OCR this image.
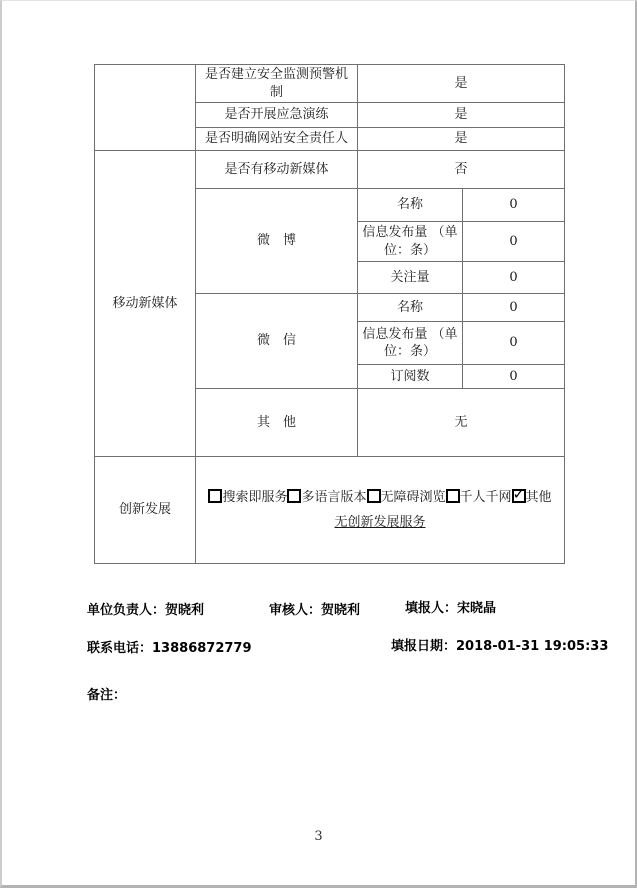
	是否建立安全监测预警机制	是	
	是否开展应急演练	是	
	是否明确网站安全责任人	是	
移动新媒体	是否有移动新媒体	否	
	微　博	名称	0
		信息发布量 （单位：条）	0
		关注量	0
	微　信	名称	0
		信息发布量 （单位：条）	0
		订阅数	0
	其　他	无	
创新发展	搜索即服务 多语言版本 无障碍浏览 千人千网 ✓ 其他
无创新发展服务
单位负责人：贺晓利	审核人：贺晓利	填报人：宋晓晶
联系电话：13886872779	填报日期：2018-01-31 19:05:33
备注：
3
